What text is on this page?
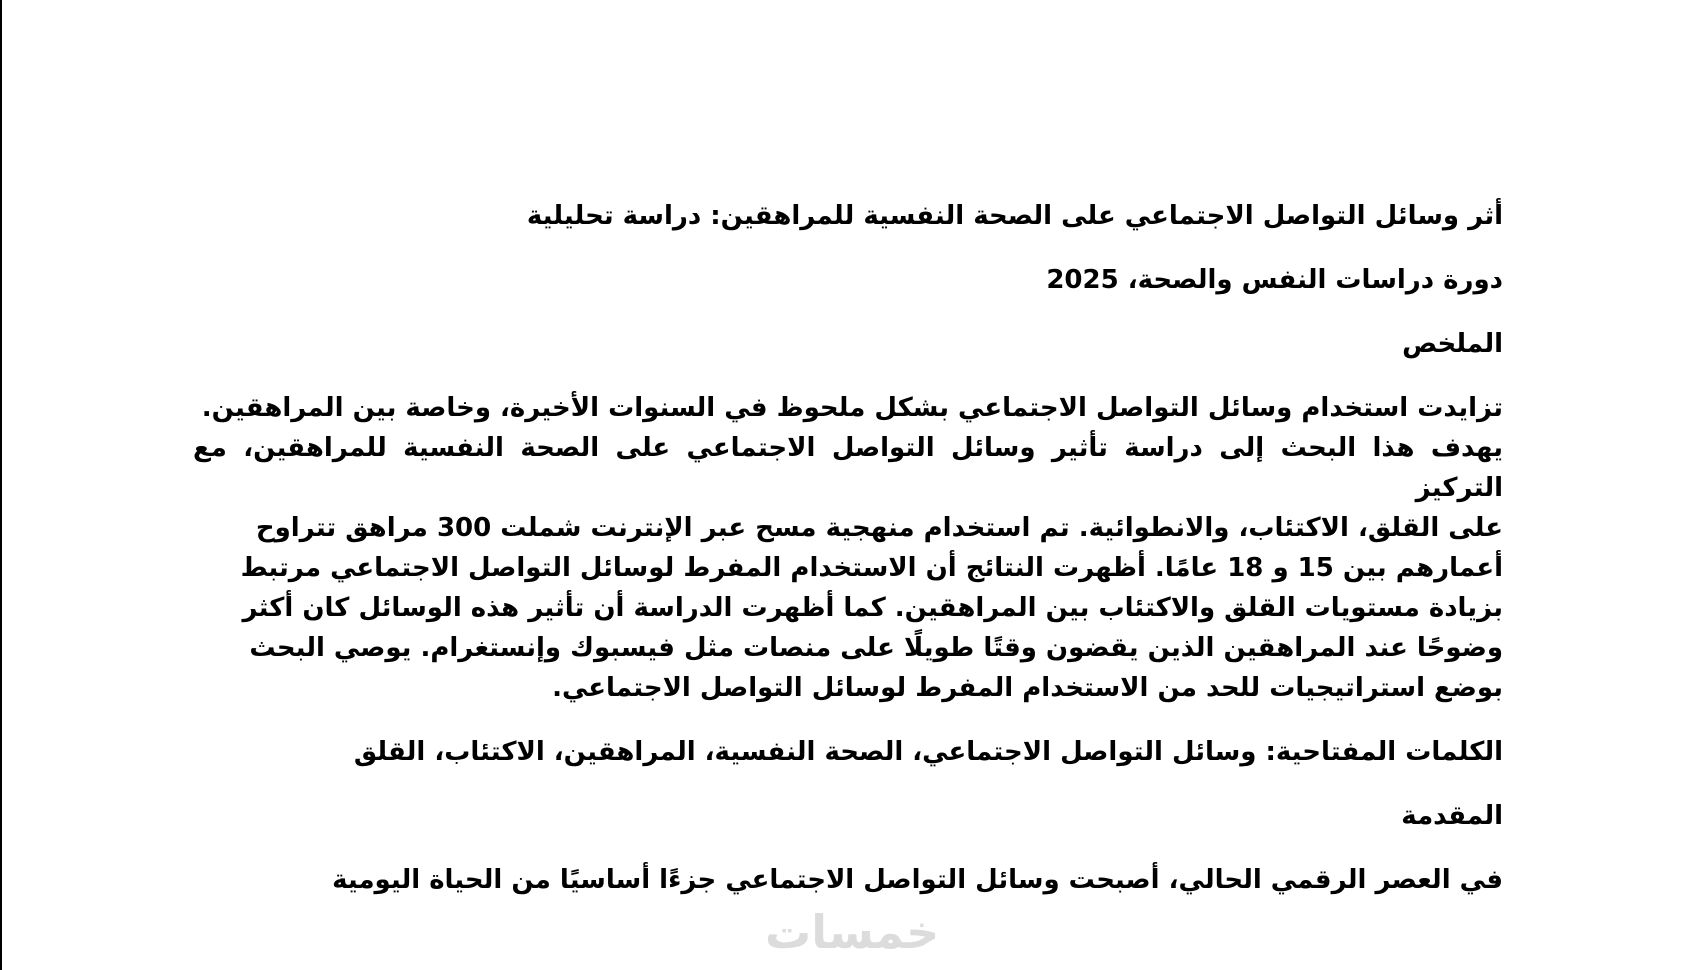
أثر وسائل التواصل الاجتماعي على الصحة النفسية للمراهقين: دراسة تحليلية
دورة دراسات النفس والصحة، 2025
الملخص
تزايدت استخدام وسائل التواصل الاجتماعي بشكل ملحوظ في السنوات الأخيرة، وخاصة بين المراهقين.
يهدف هذا البحث إلى دراسة تأثير وسائل التواصل الاجتماعي على الصحة النفسية للمراهقين، مع التركيز
على القلق، الاكتئاب، والانطوائية. تم استخدام منهجية مسح عبر الإنترنت شملت 300 مراهق تتراوح
أعمارهم بين 15 و 18 عامًا. أظهرت النتائج أن الاستخدام المفرط لوسائل التواصل الاجتماعي مرتبط
بزيادة مستويات القلق والاكتئاب بين المراهقين. كما أظهرت الدراسة أن تأثير هذه الوسائل كان أكثر
وضوحًا عند المراهقين الذين يقضون وقتًا طويلًا على منصات مثل فيسبوك وإنستغرام. يوصي البحث
بوضع استراتيجيات للحد من الاستخدام المفرط لوسائل التواصل الاجتماعي.
الكلمات المفتاحية: وسائل التواصل الاجتماعي، الصحة النفسية، المراهقين، الاكتئاب، القلق
المقدمة
في العصر الرقمي الحالي، أصبحت وسائل التواصل الاجتماعي جزءًا أساسيًا من الحياة اليومية
خمسات
